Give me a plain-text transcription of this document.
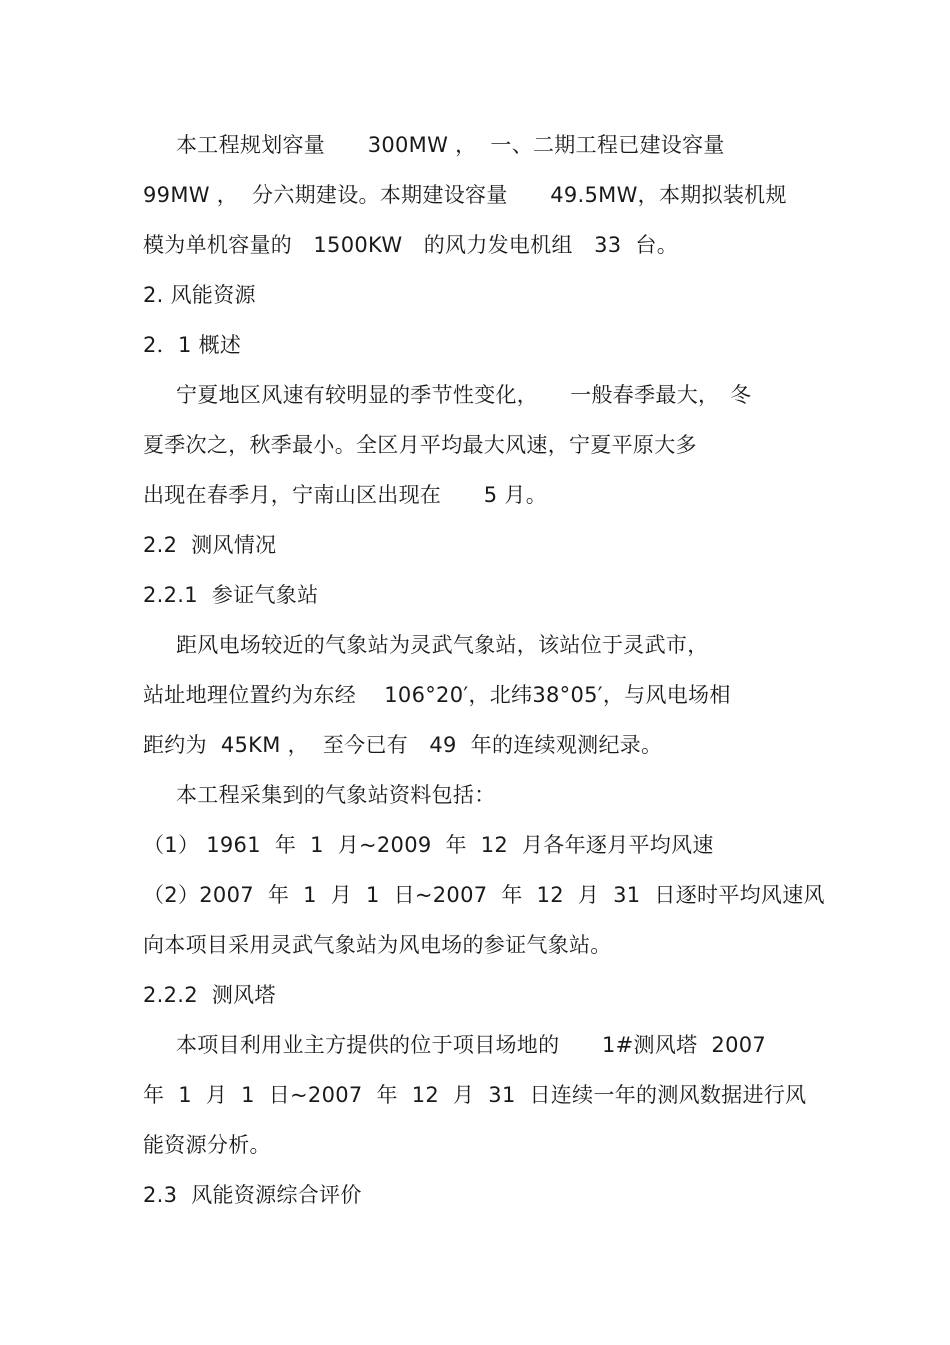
本工程规划容量　　300MW ，  一、二期工程已建设容量
99MW ，  分六期建设。本期建设容量　　49.5MW，本期拟装机规
模为单机容量的　1500KW　的风力发电机组　33  台。
2. 风能资源
2．1 概述
宁夏地区风速有较明显的季节性变化，　　一般春季最大，　冬
夏季次之，秋季最小。全区月平均最大风速，宁夏平原大多
出现在春季月，宁南山区出现在　　5 月。
2.2  测风情况
2.2.1  参证气象站
距风电场较近的气象站为灵武气象站，该站位于灵武市，
站址地理位置约为东经　 106°20′，北纬38°05′，与风电场相
距约为  45KM ，  至今已有　49  年的连续观测纪录。
本工程采集到的气象站资料包括：
（1） 1961  年  1  月~2009  年  12  月各年逐月平均风速
（2）2007  年  1  月  1  日~2007  年  12  月  31  日逐时平均风速风
向本项目采用灵武气象站为风电场的参证气象站。
2.2.2  测风塔
本项目利用业主方提供的位于项目场地的　　1#测风塔  2007
年  1  月  1  日~2007  年  12  月  31  日连续一年的测风数据进行风
能资源分析。
2.3  风能资源综合评价
